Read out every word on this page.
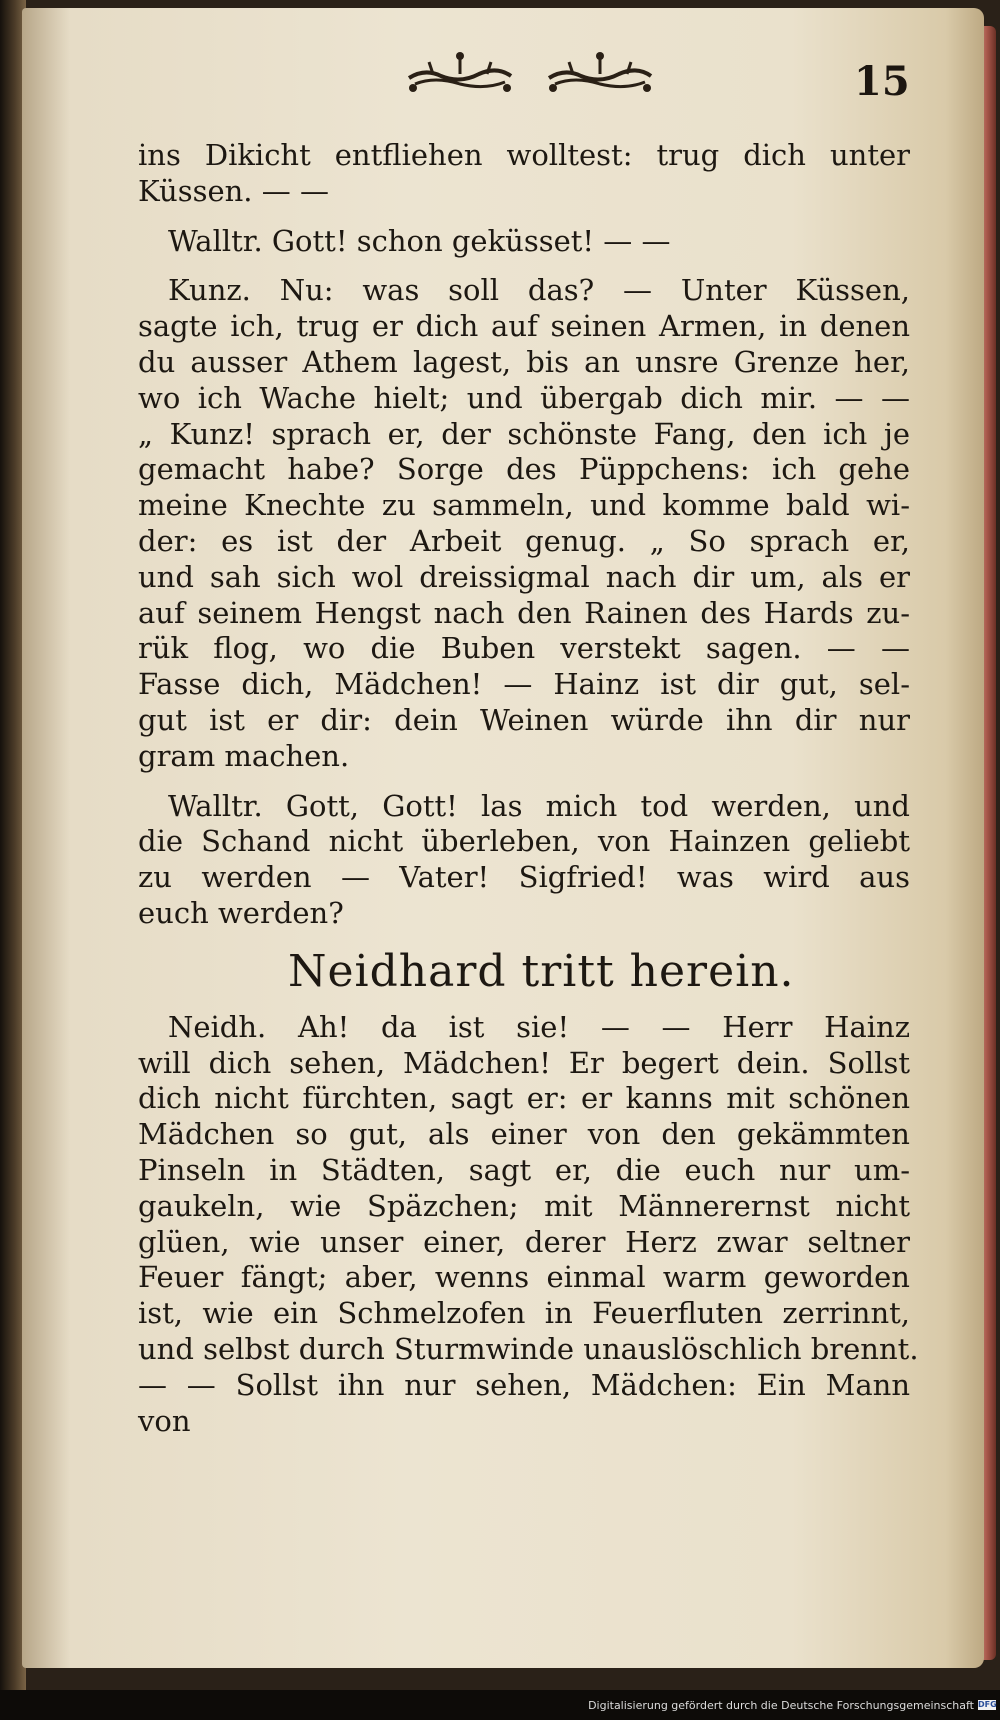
15
ins Dikicht entfliehen wolltest: trug dich unter
Küssen. — —
Walltr. Gott! schon geküsset! — —
Kunz. Nu: was soll das? — Unter Küssen,
sagte ich, trug er dich auf seinen Armen, in denen
du ausser Athem lagest, bis an unsre Grenze her,
wo ich Wache hielt; und übergab dich mir. — —
„ Kunz! sprach er, der schönste Fang, den ich je
gemacht habe? Sorge des Püppchens: ich gehe
meine Knechte zu sammeln, und komme bald wi-
der: es ist der Arbeit genug. „ So sprach er,
und sah sich wol dreissigmal nach dir um, als er
auf seinem Hengst nach den Rainen des Hards zu-
rük flog, wo die Buben verstekt sagen. — —
Fasse dich, Mädchen! — Hainz ist dir gut, sel-
gut ist er dir: dein Weinen würde ihn dir nur
gram machen.
Walltr. Gott, Gott! las mich tod werden, und
die Schand nicht überleben, von Hainzen geliebt
zu werden — Vater! Sigfried! was wird aus
euch werden?
Neidhard tritt herein.
Neidh. Ah! da ist sie! — — Herr Hainz
will dich sehen, Mädchen! Er begert dein. Sollst
dich nicht fürchten, sagt er: er kanns mit schönen
Mädchen so gut, als einer von den gekämmten
Pinseln in Städten, sagt er, die euch nur um-
gaukeln, wie Späzchen; mit Männerernst nicht
glüen, wie unser einer, derer Herz zwar seltner
Feuer fängt; aber, wenns einmal warm geworden
ist, wie ein Schmelzofen in Feuerfluten zerrinnt,
und selbst durch Sturmwinde unauslöschlich brennt.
— — Sollst ihn nur sehen, Mädchen: Ein Mann
von
Digitalisierung gefördert durch die Deutsche Forschungsgemeinschaft DFG
